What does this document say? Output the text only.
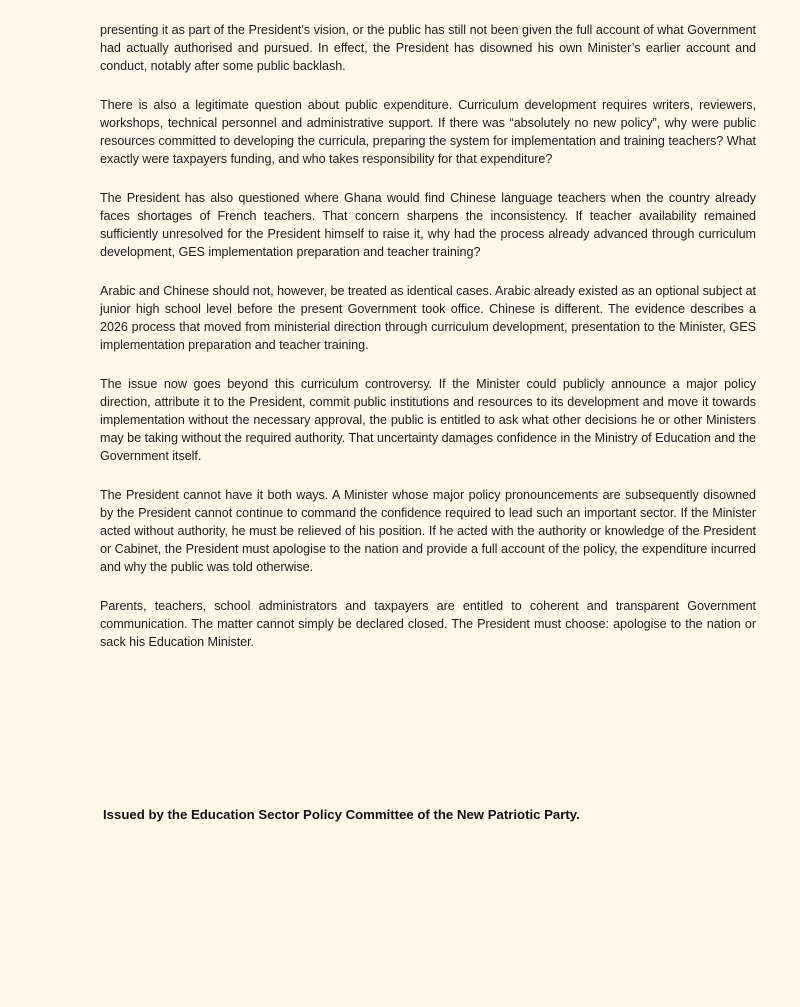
presenting it as part of the President’s vision, or the public has still not been given the full account of what Government had actually authorised and pursued. In effect, the President has disowned his own Minister’s earlier account and conduct, notably after some public backlash.

There is also a legitimate question about public expenditure. Curriculum development requires writers, reviewers, workshops, technical personnel and administrative support. If there was “absolutely no new policy”, why were public resources committed to developing the curricula, preparing the system for implementation and training teachers? What exactly were taxpayers funding, and who takes responsibility for that expenditure?

The President has also questioned where Ghana would find Chinese language teachers when the country already faces shortages of French teachers. That concern sharpens the inconsistency. If teacher availability remained sufficiently unresolved for the President himself to raise it, why had the process already advanced through curriculum development, GES implementation preparation and teacher training?

Arabic and Chinese should not, however, be treated as identical cases. Arabic already existed as an optional subject at junior high school level before the present Government took office. Chinese is different. The evidence describes a 2026 process that moved from ministerial direction through curriculum development, presentation to the Minister, GES implementation preparation and teacher training.

The issue now goes beyond this curriculum controversy. If the Minister could publicly announce a major policy direction, attribute it to the President, commit public institutions and resources to its development and move it towards implementation without the necessary approval, the public is entitled to ask what other decisions he or other Ministers may be taking without the required authority. That uncertainty damages confidence in the Ministry of Education and the Government itself.

The President cannot have it both ways. A Minister whose major policy pronouncements are subsequently disowned by the President cannot continue to command the confidence required to lead such an important sector. If the Minister acted without authority, he must be relieved of his position. If he acted with the authority or knowledge of the President or Cabinet, the President must apologise to the nation and provide a full account of the policy, the expenditure incurred and why the public was told otherwise.

Parents, teachers, school administrators and taxpayers are entitled to coherent and transparent Government communication. The matter cannot simply be declared closed. The President must choose: apologise to the nation or sack his Education Minister.

Issued by the Education Sector Policy Committee of the New Patriotic Party.
